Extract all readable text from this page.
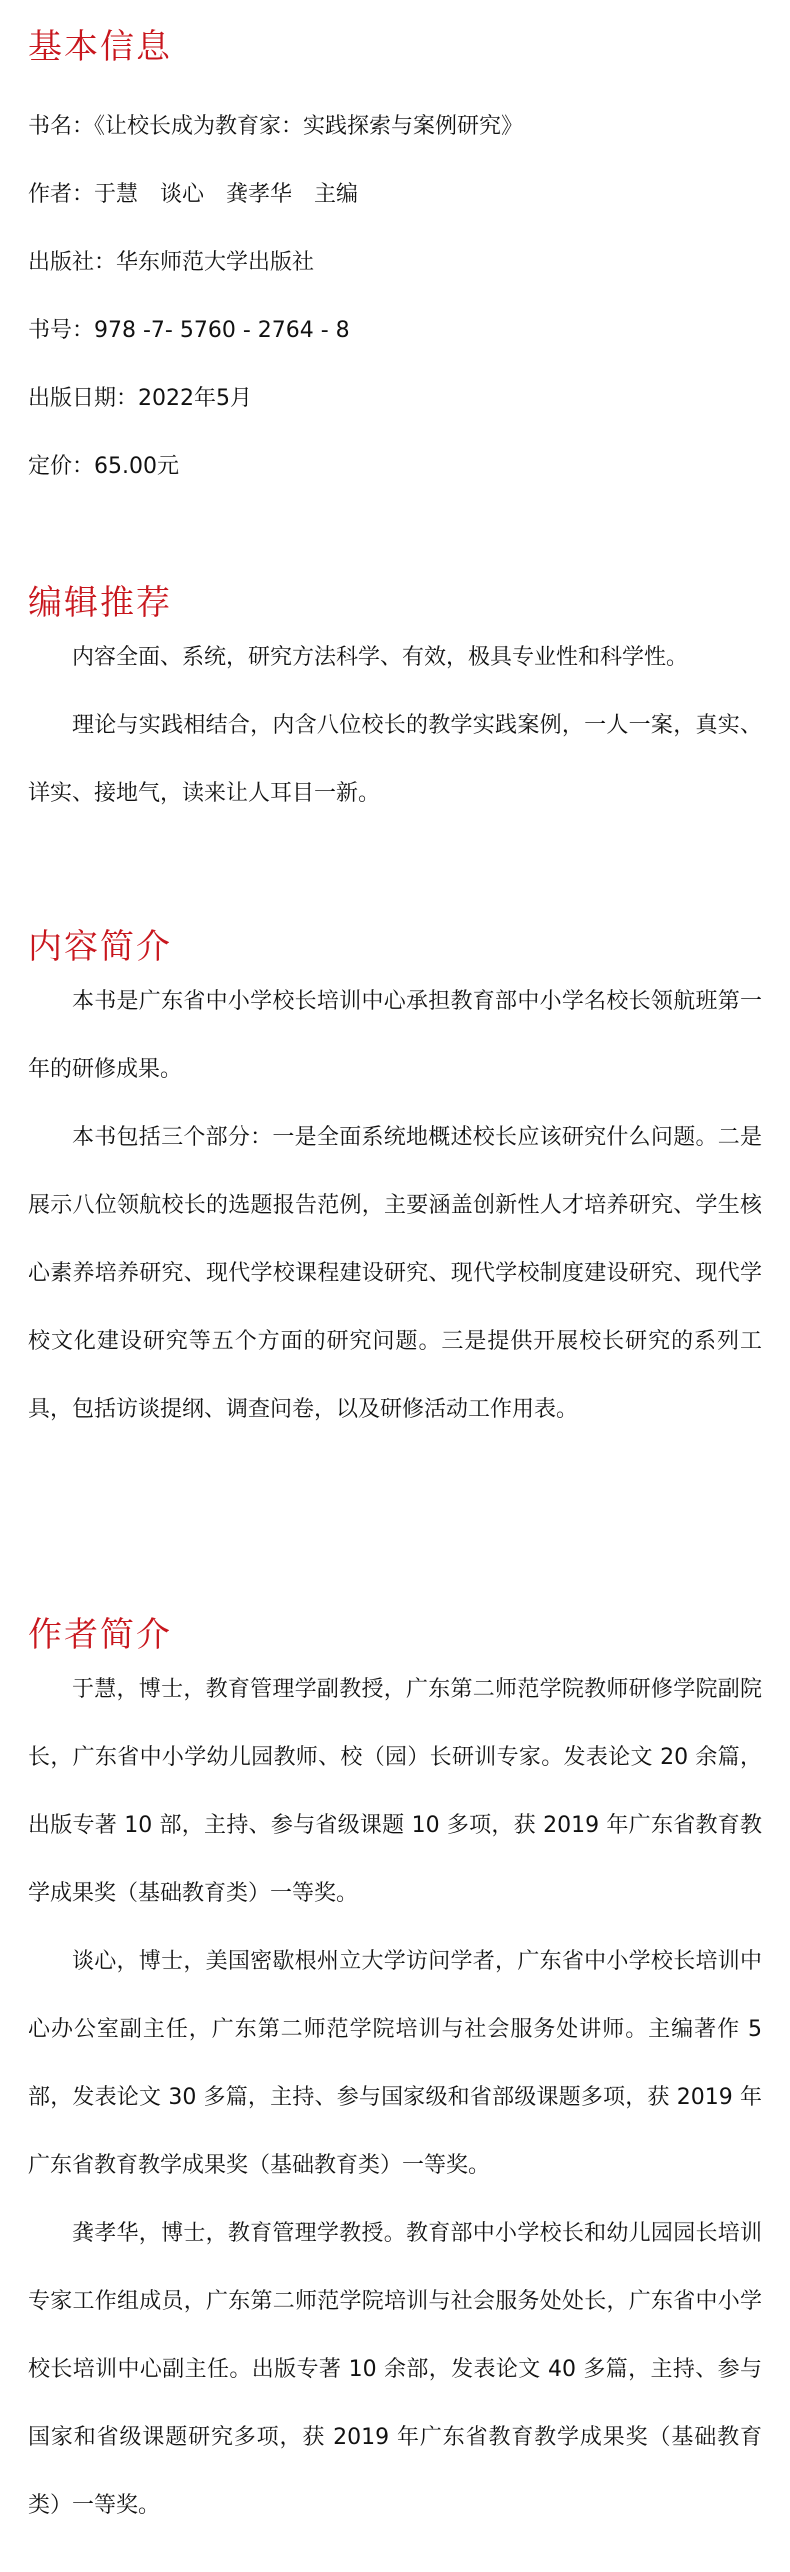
基本信息

书名：《让校长成为教育家：实践探索与案例研究》

作者：于慧　谈心　龚孝华　主编

出版社：华东师范大学出版社

书号：978 -7- 5760 - 2764 - 8

出版日期：2022年5月

定价：65.00元

编辑推荐

内容全面、系统，研究方法科学、有效，极具专业性和科学性。

理论与实践相结合，内含八位校长的教学实践案例，一人一案，真实、详实、接地气，读来让人耳目一新。

内容简介

本书是广东省中小学校长培训中心承担教育部中小学名校长领航班第一年的研修成果。

本书包括三个部分：一是全面系统地概述校长应该研究什么问题。二是展示八位领航校长的选题报告范例，主要涵盖创新性人才培养研究、学生核心素养培养研究、现代学校课程建设研究、现代学校制度建设研究、现代学校文化建设研究等五个方面的研究问题。三是提供开展校长研究的系列工具，包括访谈提纲、调查问卷，以及研修活动工作用表。

作者简介

于慧，博士，教育管理学副教授，广东第二师范学院教师研修学院副院长，广东省中小学幼儿园教师、校（园）长研训专家。发表论文 20 余篇，出版专著 10 部，主持、参与省级课题 10 多项，获 2019 年广东省教育教学成果奖（基础教育类）一等奖。

谈心，博士，美国密歇根州立大学访问学者，广东省中小学校长培训中心办公室副主任，广东第二师范学院培训与社会服务处讲师。主编著作 5 部，发表论文 30 多篇，主持、参与国家级和省部级课题多项，获 2019 年广东省教育教学成果奖（基础教育类）一等奖。

龚孝华，博士，教育管理学教授。教育部中小学校长和幼儿园园长培训专家工作组成员，广东第二师范学院培训与社会服务处处长，广东省中小学校长培训中心副主任。出版专著 10 余部，发表论文 40 多篇，主持、参与国家和省级课题研究多项，获 2019 年广东省教育教学成果奖（基础教育类）一等奖。
